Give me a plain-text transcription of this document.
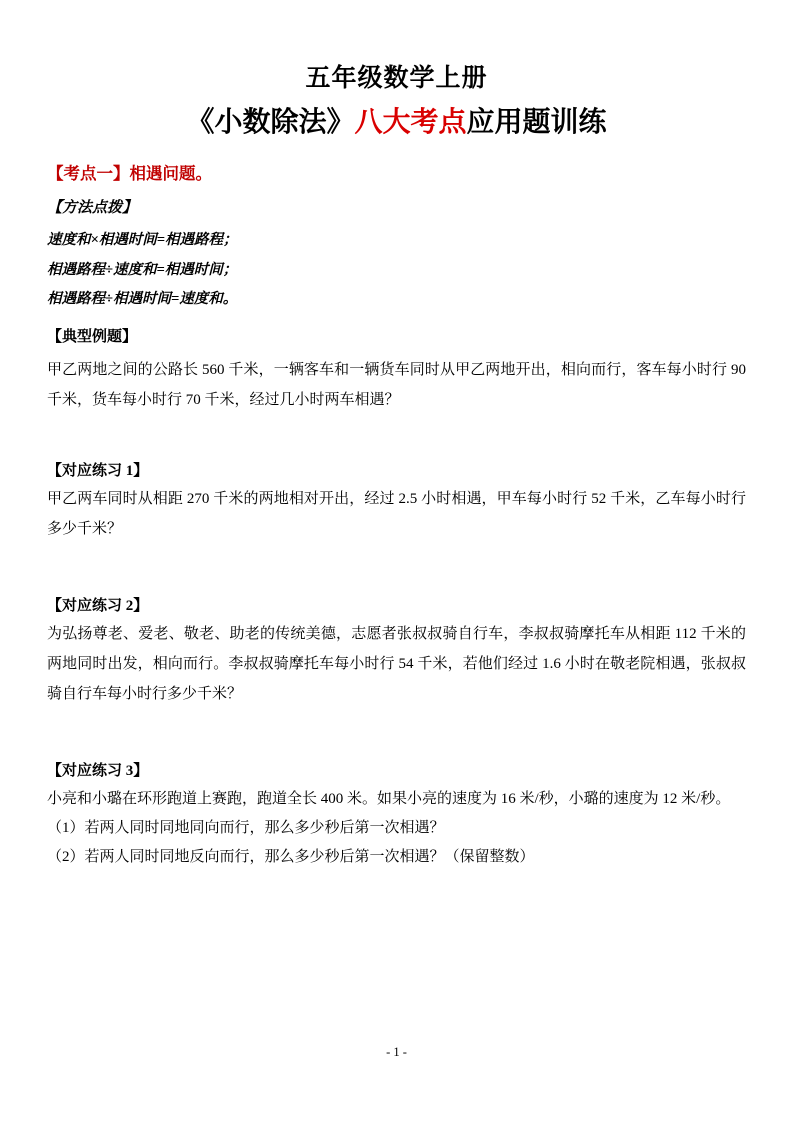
五年级数学上册
《小数除法》八大考点应用题训练
【考点一】相遇问题。
【方法点拨】
速度和×相遇时间=相遇路程；
相遇路程÷速度和=相遇时间；
相遇路程÷相遇时间=速度和。
【典型例题】
甲乙两地之间的公路长 560 千米，一辆客车和一辆货车同时从甲乙两地开出，相向而行，客车每小时行 90 千米，货车每小时行 70 千米，经过几小时两车相遇？
【对应练习 1】
甲乙两车同时从相距 270 千米的两地相对开出，经过 2.5 小时相遇，甲车每小时行 52 千米，乙车每小时行多少千米？
【对应练习 2】
为弘扬尊老、爱老、敬老、助老的传统美德，志愿者张叔叔骑自行车，李叔叔骑摩托车从相距 112 千米的两地同时出发，相向而行。李叔叔骑摩托车每小时行 54 千米，若他们经过 1.6 小时在敬老院相遇，张叔叔骑自行车每小时行多少千米？
【对应练习 3】
小亮和小璐在环形跑道上赛跑，跑道全长 400 米。如果小亮的速度为 16 米/秒，小璐的速度为 12 米/秒。
（1）若两人同时同地同向而行，那么多少秒后第一次相遇？
（2）若两人同时同地反向而行，那么多少秒后第一次相遇？（保留整数）
- 1 -
